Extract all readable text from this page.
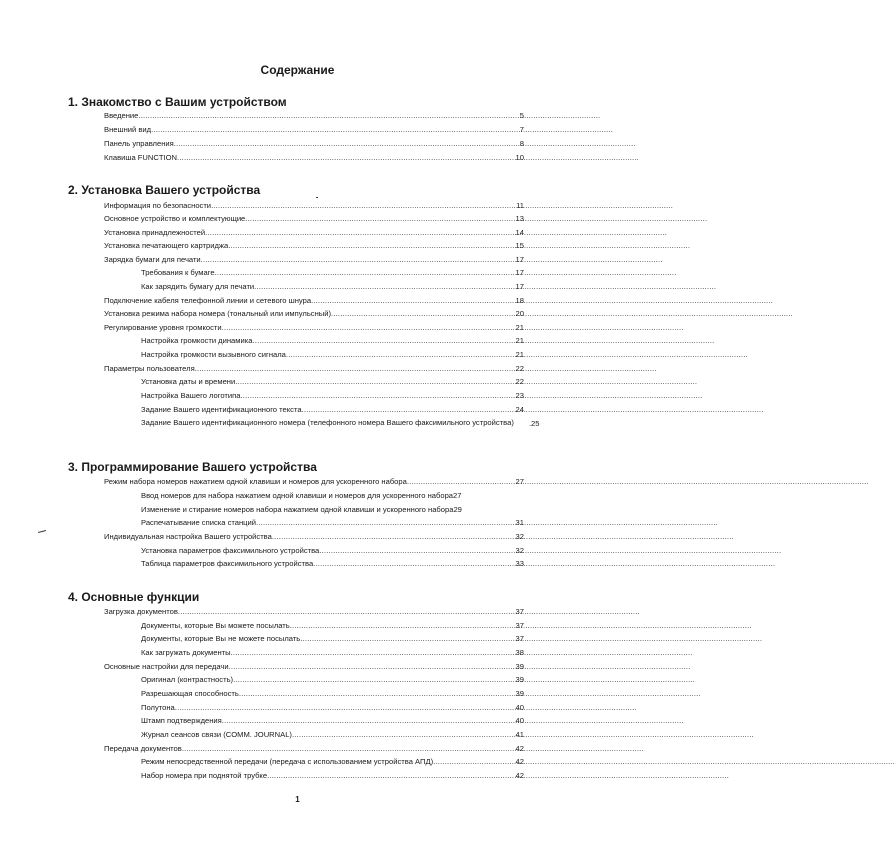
Содержание
1. Знакомство с Вашим устройством
Введение .....	5
Внешний вид .....	7
Панель управления .....	8
Клавиша FUNCTION .....	10
2. Установка Вашего устройства
Информация по безопасности .....	11
Основное устройство и комплектующие .....	13
Установка принадлежностей .....	14
Установка печатающего картриджа .....	15
Зарядка бумаги для печати .....	17
Требования к бумаге .....	17
Как зарядить бумагу для печати .....	17
Подключение кабеля телефонной линии и сетевого шнура .....	18
Установка режима набора номера (тональный или импульсный) .....	20
Регулирование уровня громкости .....	21
Настройка громкости динамика .....	21
Настройка громкости вызывного сигнала .....	21
Параметры пользователя .....	22
Установка даты и времени .....	22
Настройка Вашего логотипа .....	23
Задание Вашего идентификационного текста .....	24
Задание Вашего идентификационного номера (телефонного номера Вашего факсимильного устройства) .....	25
3. Программирование Вашего устройства
Режим набора номеров нажатием одной клавиши и номеров для ускоренного набора .....	27
Ввод номеров для набора нажатием одной клавиши и номеров для ускоренного набора 27
Изменение и стирание номеров набора нажатием одной клавиши и ускоренного набора 29
Распечатывание списка станций .....	31
Индивидуальная настройка Вашего устройства .....	32
Установка параметров факсимильного устройства .....	32
Таблица параметров факсимильного устройства .....	33
4. Основные функции
Загрузка документов .....	37
Документы, которые Вы можете посылать .....	37
Документы, которые Вы не можете посылать .....	37
Как загружать документы .....	38
Основные настройки для передачи .....	39
Оригинал (контрастность) .....	39
Разрешающая способность .....	39
Полутона .....	40
Штамп подтверждения .....	40
Журнал сеансов связи (COMM. JOURNAL) .....	41
Передача документов .....	42
Режим непосредственной передачи (передача с использованием устройства АПД) .....	42
Набор номера при поднятой трубке .....	42
1
